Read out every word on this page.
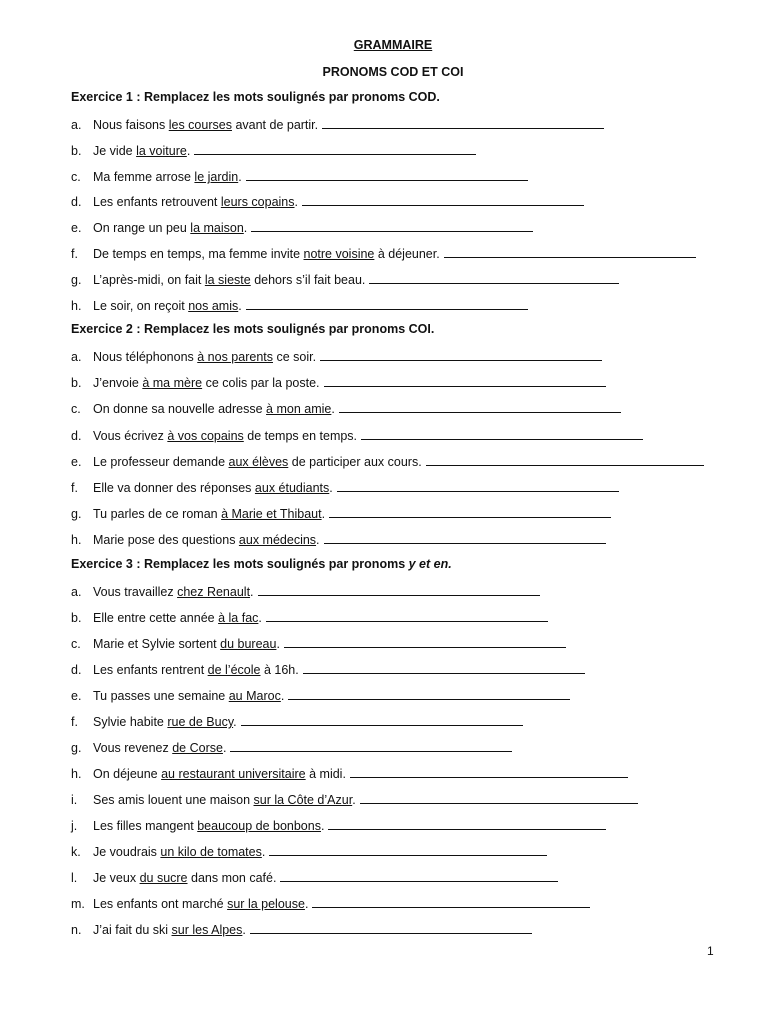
GRAMMAIRE
PRONOMS COD ET COI
Exercice 1 : Remplacez les mots soulignés par pronoms COD.
a. Nous faisons les courses avant de partir.
b. Je vide la voiture.
c. Ma femme arrose le jardin.
d. Les enfants retrouvent leurs copains.
e. On range un peu la maison.
f. De temps en temps, ma femme invite notre voisine à déjeuner.
g. L’après-midi, on fait la sieste dehors s’il fait beau.
h. Le soir, on reçoit nos amis.
Exercice 2 : Remplacez les mots soulignés par pronoms COI.
a. Nous téléphonons à nos parents ce soir.
b. J’envoie à ma mère ce colis par la poste.
c. On donne sa nouvelle adresse à mon amie.
d. Vous écrivez à vos copains de temps en temps.
e. Le professeur demande aux élèves de participer aux cours.
f. Elle va donner des réponses aux étudiants.
g. Tu parles de ce roman à Marie et Thibaut.
h. Marie pose des questions aux médecins.
Exercice 3 : Remplacez les mots soulignés par pronoms y et en.
a. Vous travaillez chez Renault.
b. Elle entre cette année à la fac.
c. Marie et Sylvie sortent du bureau.
d. Les enfants rentrent de l’école à 16h.
e. Tu passes une semaine au Maroc.
f. Sylvie habite rue de Bucy.
g. Vous revenez de Corse.
h. On déjeune au restaurant universitaire à midi.
i. Ses amis louent une maison sur la Côte d’Azur.
j. Les filles mangent beaucoup de bonbons.
k. Je voudrais un kilo de tomates.
l. Je veux du sucre dans mon café.
m. Les enfants ont marché sur la pelouse.
n. J’ai fait du ski sur les Alpes.
1
